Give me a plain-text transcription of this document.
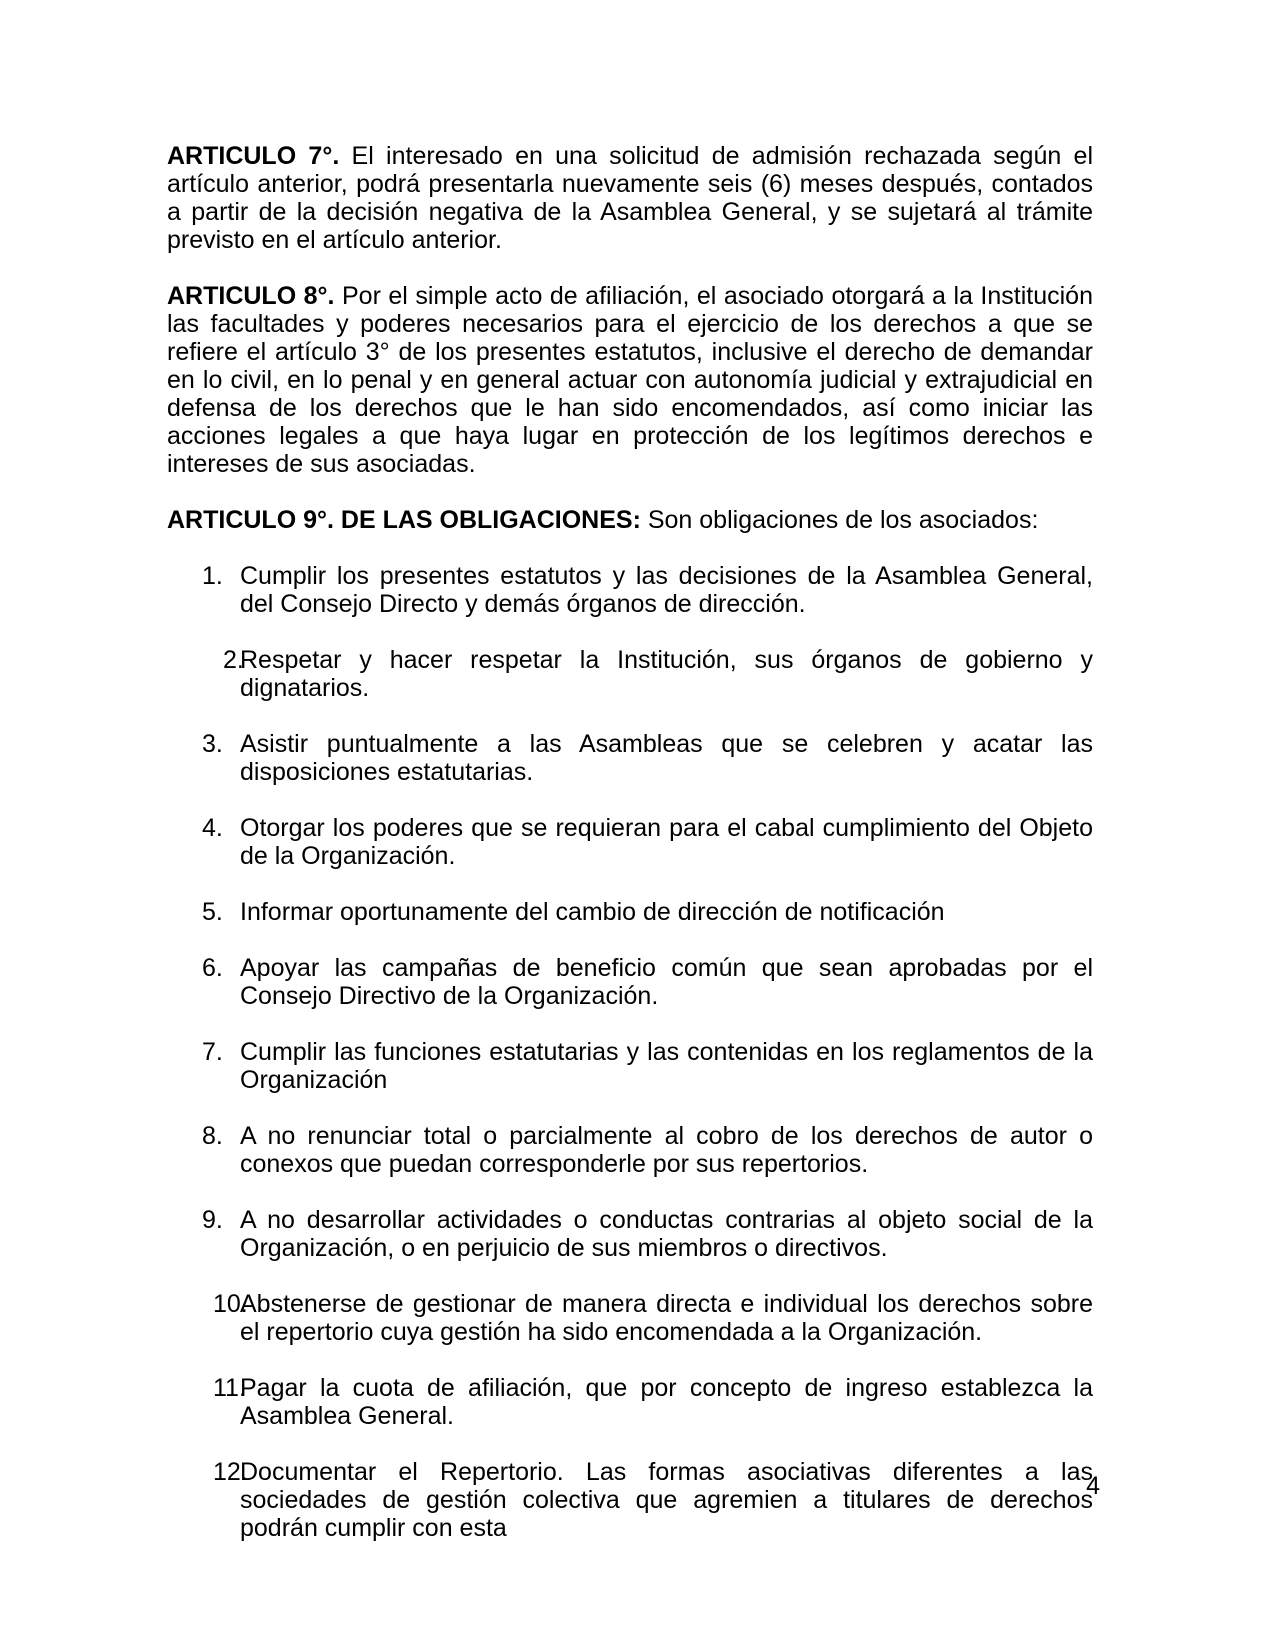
ARTICULO 7°. El interesado en una solicitud de admisión rechazada según el artículo anterior, podrá presentarla nuevamente seis (6) meses después, contados a partir de la decisión negativa de la Asamblea General, y se sujetará al trámite previsto en el artículo anterior.

ARTICULO 8°. Por el simple acto de afiliación, el asociado otorgará a la Institución las facultades y poderes necesarios para el ejercicio de los derechos a que se refiere el artículo 3° de los presentes estatutos, inclusive el derecho de demandar en lo civil, en lo penal y en general actuar con autonomía judicial y extrajudicial en defensa de los derechos que le han sido encomendados, así como iniciar las acciones legales a que haya lugar en protección de los legítimos derechos e intereses de sus asociadas.

ARTICULO 9°. DE LAS OBLIGACIONES: Son obligaciones de los asociados:

1. Cumplir los presentes estatutos y las decisiones de la Asamblea General, del Consejo Directo y demás órganos de dirección.
2.
Respetar y hacer respetar la Institución, sus órganos de gobierno y dignatarios.
3. Asistir puntualmente a las Asambleas que se celebren y acatar las disposiciones estatutarias.
4. Otorgar los poderes que se requieran para el cabal cumplimiento del Objeto de la Organización.
5. Informar oportunamente del cambio de dirección de notificación
6. Apoyar las campañas de beneficio común que sean aprobadas por el Consejo Directivo de la Organización.
7. Cumplir las funciones estatutarias y las contenidas en los reglamentos de la Organización
8. A no renunciar total o parcialmente al cobro de los derechos de autor o conexos que puedan corresponderle por sus repertorios.
9. A no desarrollar actividades o conductas contrarias al objeto social de la Organización, o en perjuicio de sus miembros o directivos.
10.
Abstenerse de gestionar de manera directa e individual los derechos sobre el repertorio cuya gestión ha sido encomendada a la Organización.
11.
Pagar la cuota de afiliación, que por concepto de ingreso establezca la Asamblea General.
12.
Documentar el Repertorio. Las formas asociativas diferentes a las sociedades de gestión colectiva que agremien a titulares de derechos podrán cumplir con esta
4
